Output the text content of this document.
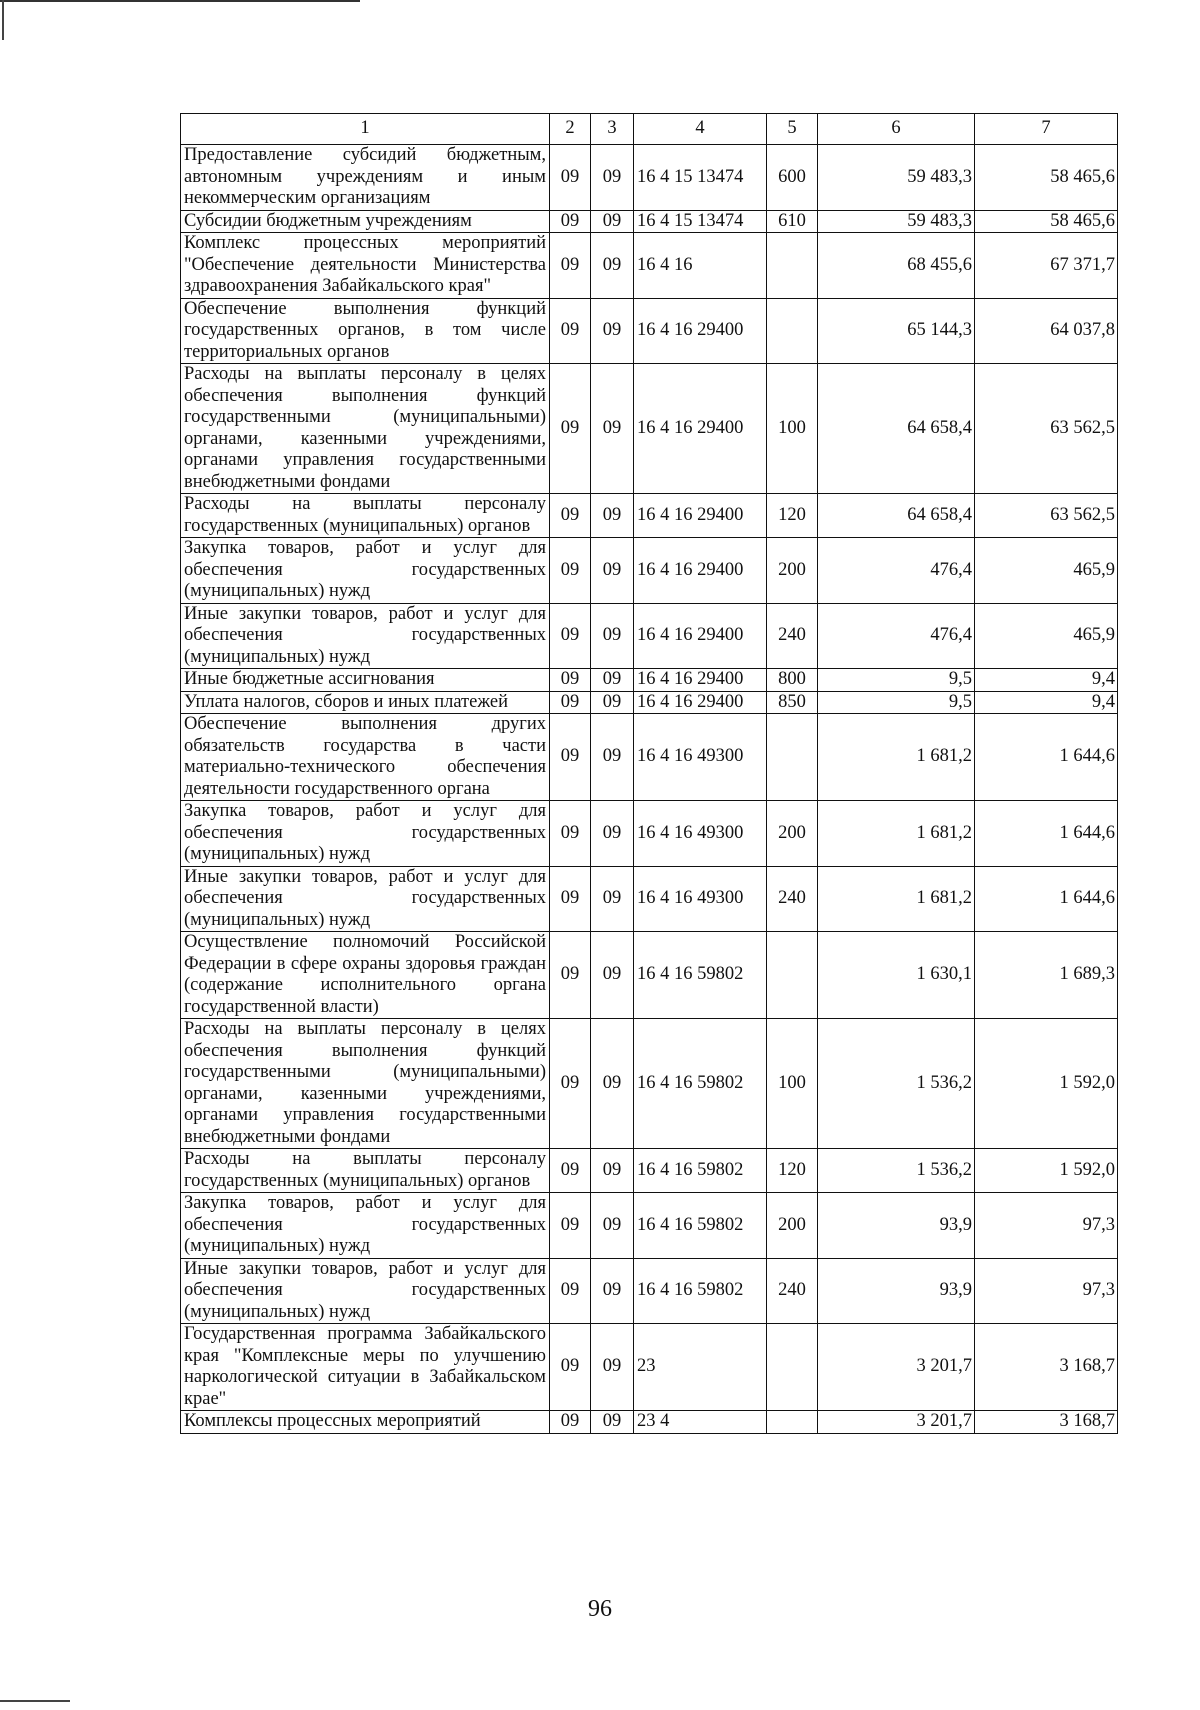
1	2	3	4	5	6	7
Предоставление субсидий бюджетным, автономным учреждениям и иным некоммерческим организациям	09	09	16 4 15 13474	600	59 483,3	58 465,6
Субсидии бюджетным учреждениям	09	09	16 4 15 13474	610	59 483,3	58 465,6
Комплекс процессных мероприятий "Обеспечение деятельности Министерства здравоохранения Забайкальского края"	09	09	16 4 16		68 455,6	67 371,7
Обеспечение выполнения функций государственных органов, в том числе территориальных органов	09	09	16 4 16 29400		65 144,3	64 037,8
Расходы на выплаты персоналу в целях обеспечения выполнения функций государственными (муниципальными) органами, казенными учреждениями, органами управления государственными внебюджетными фондами	09	09	16 4 16 29400	100	64 658,4	63 562,5
Расходы на выплаты персоналу государственных (муниципальных) органов	09	09	16 4 16 29400	120	64 658,4	63 562,5
Закупка товаров, работ и услуг для обеспечения государственных (муниципальных) нужд	09	09	16 4 16 29400	200	476,4	465,9
Иные закупки товаров, работ и услуг для обеспечения государственных (муниципальных) нужд	09	09	16 4 16 29400	240	476,4	465,9
Иные бюджетные ассигнования	09	09	16 4 16 29400	800	9,5	9,4
Уплата налогов, сборов и иных платежей	09	09	16 4 16 29400	850	9,5	9,4
Обеспечение выполнения других обязательств государства в части материально-технического обеспечения деятельности государственного органа	09	09	16 4 16 49300		1 681,2	1 644,6
Закупка товаров, работ и услуг для обеспечения государственных (муниципальных) нужд	09	09	16 4 16 49300	200	1 681,2	1 644,6
Иные закупки товаров, работ и услуг для обеспечения государственных (муниципальных) нужд	09	09	16 4 16 49300	240	1 681,2	1 644,6
Осуществление полномочий Российской Федерации в сфере охраны здоровья граждан (содержание исполнительного органа государственной власти)	09	09	16 4 16 59802		1 630,1	1 689,3
Расходы на выплаты персоналу в целях обеспечения выполнения функций государственными (муниципальными) органами, казенными учреждениями, органами управления государственными внебюджетными фондами	09	09	16 4 16 59802	100	1 536,2	1 592,0
Расходы на выплаты персоналу государственных (муниципальных) органов	09	09	16 4 16 59802	120	1 536,2	1 592,0
Закупка товаров, работ и услуг для обеспечения государственных (муниципальных) нужд	09	09	16 4 16 59802	200	93,9	97,3
Иные закупки товаров, работ и услуг для обеспечения государственных (муниципальных) нужд	09	09	16 4 16 59802	240	93,9	97,3
Государственная программа Забайкальского края "Комплексные меры по улучшению наркологической ситуации в Забайкальском крае"	09	09	23		3 201,7	3 168,7
Комплексы процессных мероприятий	09	09	23 4		3 201,7	3 168,7
96
